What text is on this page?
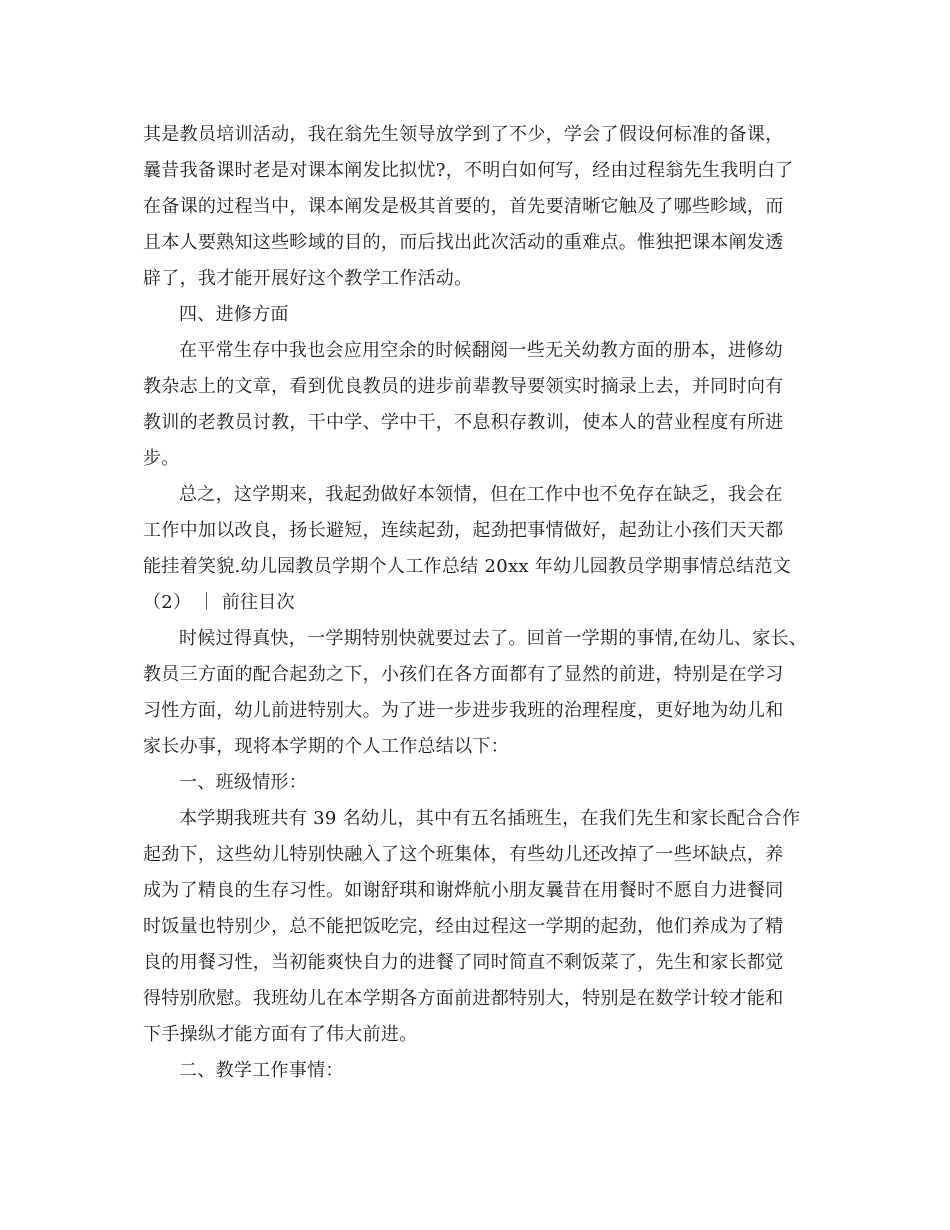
其是教员培训活动，我在翁先生领导放学到了不少，学会了假设何标准的备课，
曩昔我备课时老是对课本阐发比拟忧?，不明白如何写，经由过程翁先生我明白了
在备课的过程当中，课本阐发是极其首要的，首先要清晰它触及了哪些畛域，而
且本人要熟知这些畛域的目的，而后找出此次活动的重难点。惟独把课本阐发透
辟了，我才能开展好这个教学工作活动。
四、进修方面
在平常生存中我也会应用空余的时候翻阅一些无关幼教方面的册本，进修幼
教杂志上的文章，看到优良教员的进步前辈教导要领实时摘录上去，并同时向有
教训的老教员讨教，干中学、学中干，不息积存教训，使本人的营业程度有所进
步。
总之，这学期来，我起劲做好本领情，但在工作中也不免存在缺乏，我会在
工作中加以改良，扬长避短，连续起劲，起劲把事情做好，起劲让小孩们天天都
能挂着笑貌.幼儿园教员学期个人工作总结 20xx 年幼儿园教员学期事情总结范文
（2） ｜ 前往目次
时候过得真快，一学期特别快就要过去了。回首一学期的事情,在幼儿、家长、
教员三方面的配合起劲之下，小孩们在各方面都有了显然的前进，特别是在学习
习性方面，幼儿前进特别大。为了进一步进步我班的治理程度，更好地为幼儿和
家长办事，现将本学期的个人工作总结以下：
一、班级情形：
本学期我班共有 39 名幼儿，其中有五名插班生，在我们先生和家长配合合作
起劲下，这些幼儿特别快融入了这个班集体，有些幼儿还改掉了一些坏缺点，养
成为了精良的生存习性。如谢舒琪和谢烨航小朋友曩昔在用餐时不愿自力进餐同
时饭量也特别少，总不能把饭吃完，经由过程这一学期的起劲，他们养成为了精
良的用餐习性，当初能爽快自力的进餐了同时简直不剩饭菜了，先生和家长都觉
得特别欣慰。我班幼儿在本学期各方面前进都特别大，特别是在数学计较才能和
下手操纵才能方面有了伟大前进。
二、教学工作事情：
